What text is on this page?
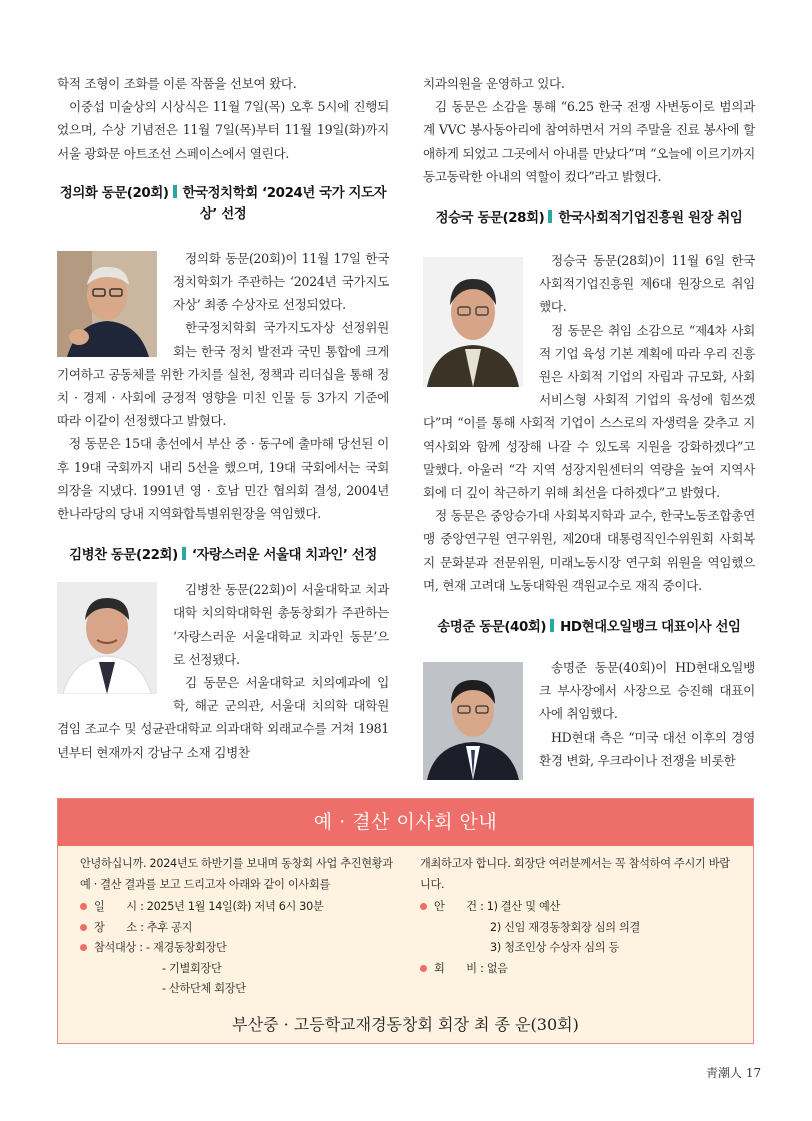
학적 조형이 조화를 이룬 작품을 선보여 왔다.

이중섭 미술상의 시상식은 11월 7일(목) 오후 5시에 진행되었으며, 수상 기념전은 11월 7일(목)부터 11월 19일(화)까지 서울 광화문 아트조선 스페이스에서 열린다.

정의화 동문(20회) 한국정치학회 ‘2024년 국가 지도자상’ 선정

정의화 동문(20회)이 11월 17일 한국정치학회가 주관하는 ‘2024년 국가지도자상’ 최종 수상자로 선정되었다.

한국정치학회 국가지도자상 선정위원회는 한국 정치 발전과 국민 통합에 크게 기여하고 공동체를 위한 가치를 실천, 정책과 리더십을 통해 정치 · 경제 · 사회에 긍정적 영향을 미친 인물 등 3가지 기준에 따라 이같이 선정했다고 밝혔다.

정 동문은 15대 총선에서 부산 중 · 동구에 출마해 당선된 이후 19대 국회까지 내리 5선을 했으며, 19대 국회에서는 국회의장을 지냈다. 1991년 영 · 호남 민간 협의회 결성, 2004년 한나라당의 당내 지역화합특별위원장을 역임했다.

김병찬 동문(22회) ‘자랑스러운 서울대 치과인’ 선정

김병찬 동문(22회)이 서울대학교 치과대학 치의학대학원 총동창회가 주관하는 ‘자랑스러운 서울대학교 치과인 동문’으로 선정됐다.

김 동문은 서울대학교 치의예과에 입학, 해군 군의관, 서울대 치의학 대학원 겸임 조교수 및 성균관대학교 의과대학 외래교수를 거쳐 1981년부터 현재까지 강남구 소재 김병찬

치과의원을 운영하고 있다.

김 동문은 소감을 통해 “6.25 한국 전쟁 사변동이로 범의과계 VVC 봉사동아리에 참여하면서 거의 주말을 진료 봉사에 할애하게 되었고 그곳에서 아내를 만났다”며 “오늘에 이르기까지 동고동락한 아내의 역할이 컸다”라고 밝혔다.

정승국 동문(28회) 한국사회적기업진흥원 원장 취임

정승국 동문(28회)이 11월 6일 한국사회적기업진흥원 제6대 원장으로 취임했다.

정 동문은 취임 소감으로 “제4차 사회적 기업 육성 기본 계획에 따라 우리 진흥원은 사회적 기업의 자립과 규모화, 사회서비스형 사회적 기업의 육성에 힘쓰겠다”며 “이를 통해 사회적 기업이 스스로의 자생력을 갖추고 지역사회와 함께 성장해 나갈 수 있도록 지원을 강화하겠다”고 말했다. 아울러 “각 지역 성장지원센터의 역량을 높여 지역사회에 더 깊이 착근하기 위해 최선을 다하겠다”고 밝혔다.

정 동문은 중앙승가대 사회복지학과 교수, 한국노동조합총연맹 중앙연구원 연구위원, 제20대 대통령직인수위원회 사회복지 문화분과 전문위원, 미래노동시장 연구회 위원을 역임했으며, 현재 고려대 노동대학원 객원교수로 재직 중이다.

송명준 동문(40회) HD현대오일뱅크 대표이사 선임

송명준 동문(40회)이 HD현대오일뱅크 부사장에서 사장으로 승진해 대표이사에 취임했다.

HD현대 측은 “미국 대선 이후의 경영환경 변화, 우크라이나 전쟁을 비롯한

예 · 결산 이사회 안내
안녕하십니까. 2024년도 하반기를 보내며 동창회 사업 추진현황과 예 · 결산 결과를 보고 드리고자 아래와 같이 이사회를
일　　시 : 2025년 1월 14일(화) 저녁 6시 30분
장　　소 : 추후 공지
참석대상 : - 재경동창회장단
- 기별회장단
- 산하단체 회장단
개최하고자 합니다. 회장단 여러분께서는 꼭 참석하여 주시기 바랍니다.
안　　건 : 1) 결산 및 예산
2) 신임 재경동창회장 심의 의결
3) 청조인상 수상자 심의 등
회　　비 : 없음
부산중 · 고등학교재경동창회 회장 최 종 운(30회)
靑潮人 17
